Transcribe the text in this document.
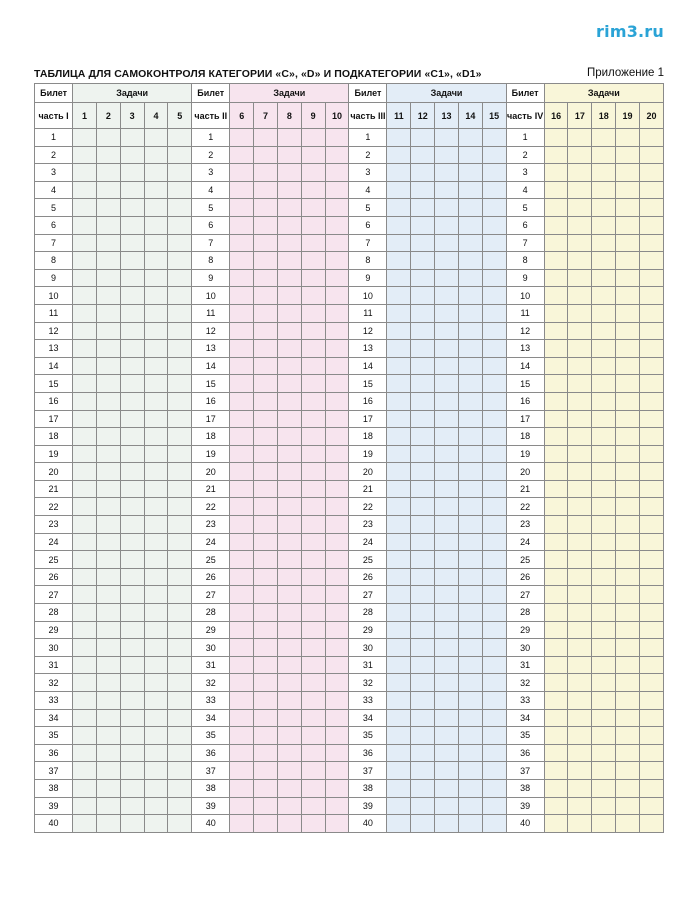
rim3.ru
ТАБЛИЦА ДЛЯ САМОКОНТРОЛЯ КАТЕГОРИИ «C», «D» И ПОДКАТЕГОРИИ «C1», «D1»	Приложение 1
Билет	Задачи					Билет	Задачи					Билет	Задачи					Билет	Задачи				
часть I	1	2	3	4	5	часть II	6	7	8	9	10	часть III	11	12	13	14	15	часть IV	16	17	18	19	20
1						1						1						1					
2						2						2						2					
3						3						3						3					
4						4						4						4					
5						5						5						5					
6						6						6						6					
7						7						7						7					
8						8						8						8					
9						9						9						9					
10						10						10						10					
11						11						11						11					
12						12						12						12					
13						13						13						13					
14						14						14						14					
15						15						15						15					
16						16						16						16					
17						17						17						17					
18						18						18						18					
19						19						19						19					
20						20						20						20					
21						21						21						21					
22						22						22						22					
23						23						23						23					
24						24						24						24					
25						25						25						25					
26						26						26						26					
27						27						27						27					
28						28						28						28					
29						29						29						29					
30						30						30						30					
31						31						31						31					
32						32						32						32					
33						33						33						33					
34						34						34						34					
35						35						35						35					
36						36						36						36					
37						37						37						37					
38						38						38						38					
39						39						39						39					
40						40						40						40					
